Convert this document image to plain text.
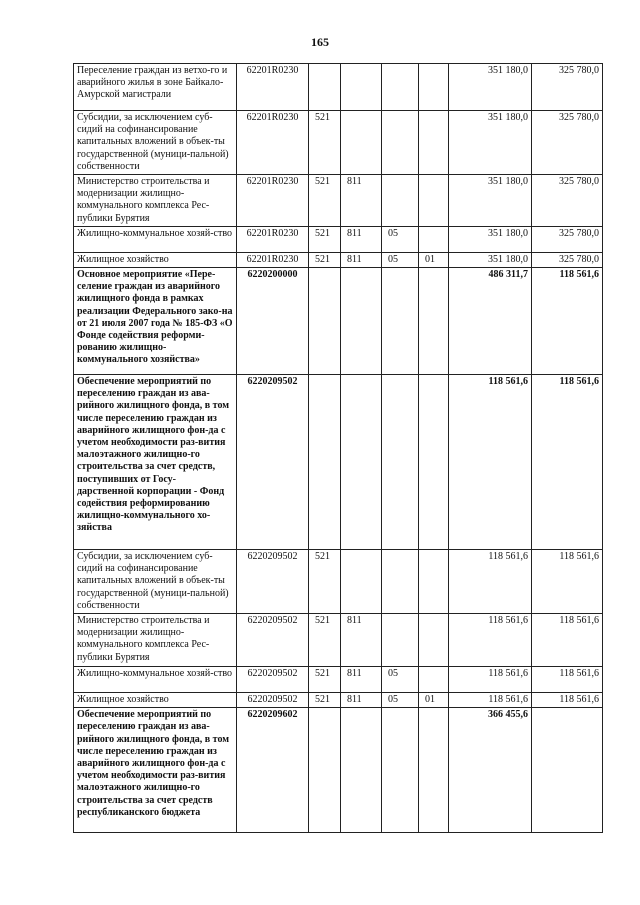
165
Переселение граждан из ветхо-го и аварийного жилья в зоне Байкало-Амурской магистрали	62201R0230					351 180,0	325 780,0
Субсидии, за исключением суб-сидий на софинансирование капитальных вложений в объек-ты государственной (муници-пальной) собственности	62201R0230	521				351 180,0	325 780,0
Министерство строительства и модернизации жилищно-коммунального комплекса Рес-публики Бурятия	62201R0230	521	811			351 180,0	325 780,0
Жилищно-коммунальное хозяй-ство	62201R0230	521	811	05		351 180,0	325 780,0
Жилищное хозяйство	62201R0230	521	811	05	01	351 180,0	325 780,0
Основное мероприятие «Пере-селение граждан из аварийного жилищного фонда в рамках реализации Федерального зако-на от 21 июля 2007 года № 185-ФЗ «О Фонде содействия реформи-рованию жилищно-коммунального хозяйства»	6220200000					486 311,7	118 561,6
Обеспечение мероприятий по переселению граждан из ава-рийного жилищного фонда, в том числе переселению граждан из аварийного жилищного фон-да с учетом необходимости раз-вития малоэтажного жилищно-го строительства за счет средств, поступивших от Госу-дарственной корпорации - Фонд содействия реформированию жилищно-коммунального хо-зяйства	6220209502					118 561,6	118 561,6
Субсидии, за исключением суб-сидий на софинансирование капитальных вложений в объек-ты государственной (муници-пальной) собственности	6220209502	521				118 561,6	118 561,6
Министерство строительства и модернизации жилищно-коммунального комплекса Рес-публики Бурятия	6220209502	521	811			118 561,6	118 561,6
Жилищно-коммунальное хозяй-ство	6220209502	521	811	05		118 561,6	118 561,6
Жилищное хозяйство	6220209502	521	811	05	01	118 561,6	118 561,6
Обеспечение мероприятий по переселению граждан из ава-рийного жилищного фонда, в том числе переселению граждан из аварийного жилищного фон-да с учетом необходимости раз-вития малоэтажного жилищно-го строительства за счет средств республиканского бюджета	6220209602					366 455,6	
